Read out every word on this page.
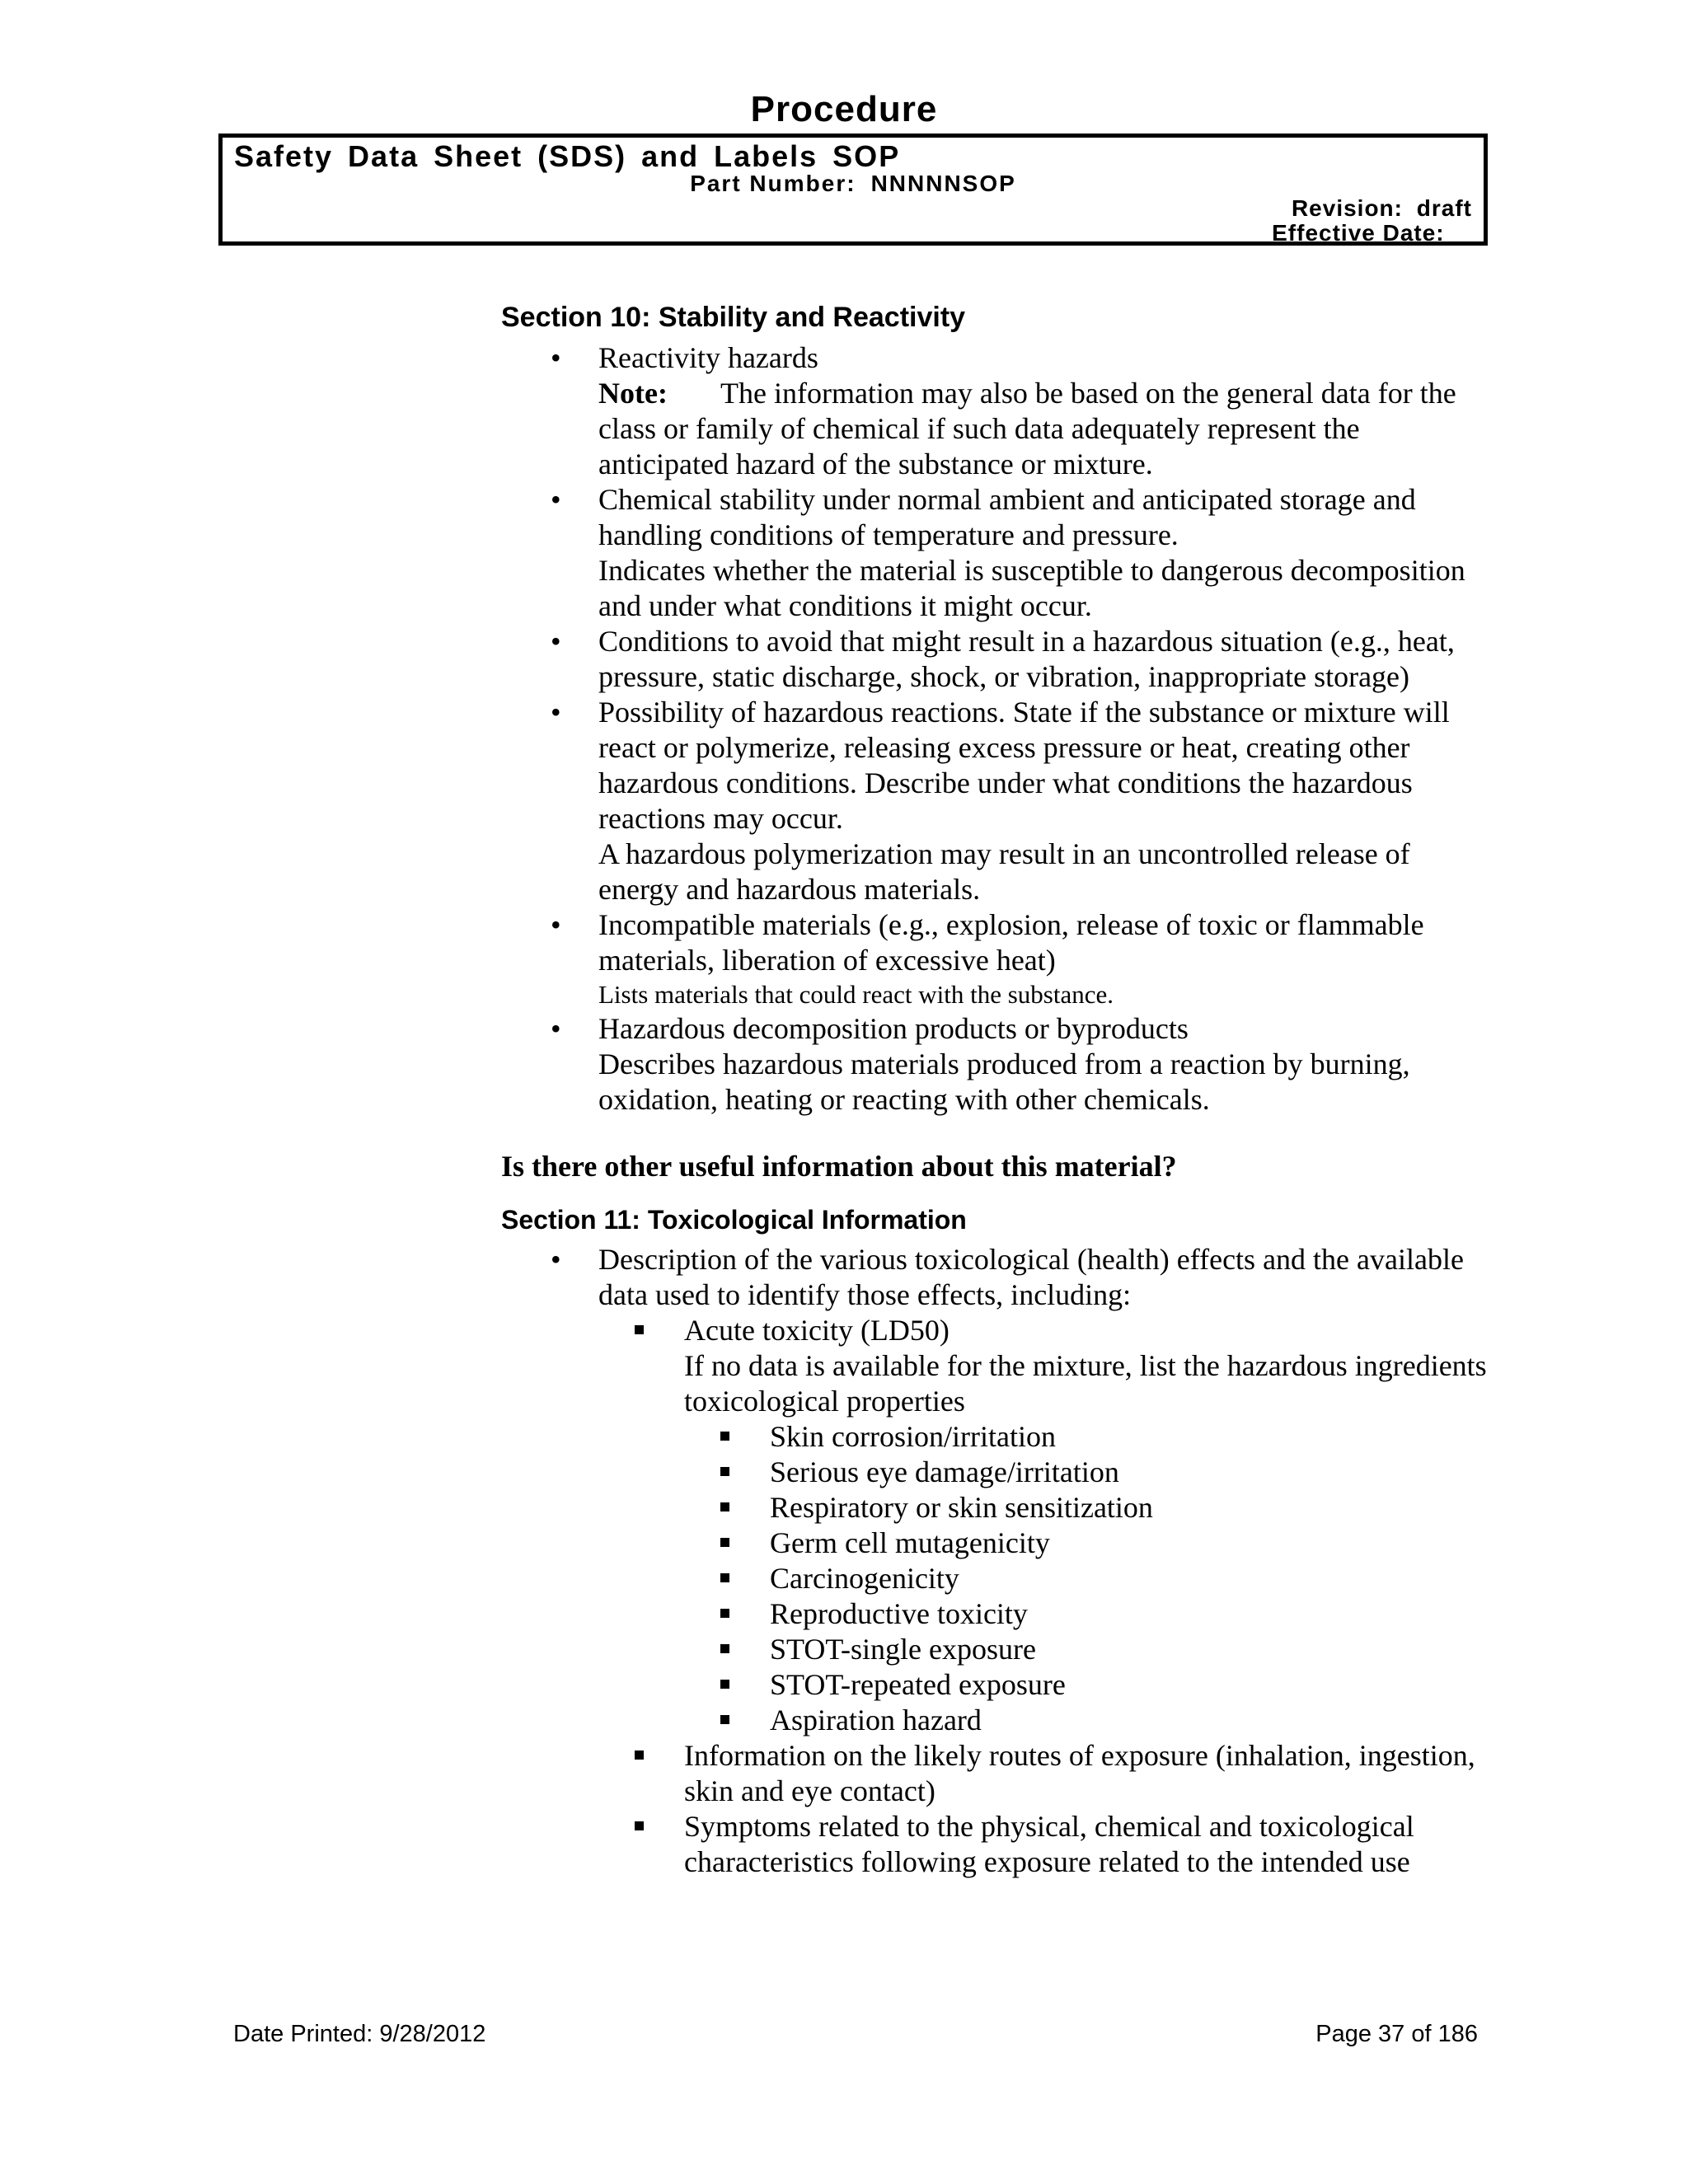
Procedure
Safety Data Sheet (SDS) and Labels SOP
Part Number: NNNNNSOP
Revision: draft
Effective Date: _
Section 10: Stability and Reactivity
• Reactivity hazards
Note: The information may also be based on the general data for the class or family of chemical if such data adequately represent the anticipated hazard of the substance or mixture.
• Chemical stability under normal ambient and anticipated storage and handling conditions of temperature and pressure.
Indicates whether the material is susceptible to dangerous decomposition and under what conditions it might occur.
• Conditions to avoid that might result in a hazardous situation (e.g., heat, pressure, static discharge, shock, or vibration, inappropriate storage)
• Possibility of hazardous reactions. State if the substance or mixture will react or polymerize, releasing excess pressure or heat, creating other hazardous conditions. Describe under what conditions the hazardous reactions may occur.
A hazardous polymerization may result in an uncontrolled release of energy and hazardous materials.
• Incompatible materials (e.g., explosion, release of toxic or flammable materials, liberation of excessive heat)
Lists materials that could react with the substance.
• Hazardous decomposition products or byproducts
Describes hazardous materials produced from a reaction by burning, oxidation, heating or reacting with other chemicals.
Is there other useful information about this material?
Section 11: Toxicological Information
• Description of the various toxicological (health) effects and the available data used to identify those effects, including:
Acute toxicity (LD50)
If no data is available for the mixture, list the hazardous ingredients toxicological properties
Skin corrosion/irritation
Serious eye damage/irritation
Respiratory or skin sensitization
Germ cell mutagenicity
Carcinogenicity
Reproductive toxicity
STOT-single exposure
STOT-repeated exposure
Aspiration hazard
Information on the likely routes of exposure (inhalation, ingestion, skin and eye contact)
Symptoms related to the physical, chemical and toxicological characteristics following exposure related to the intended use
Date Printed: 9/28/2012	Page 37 of 186
